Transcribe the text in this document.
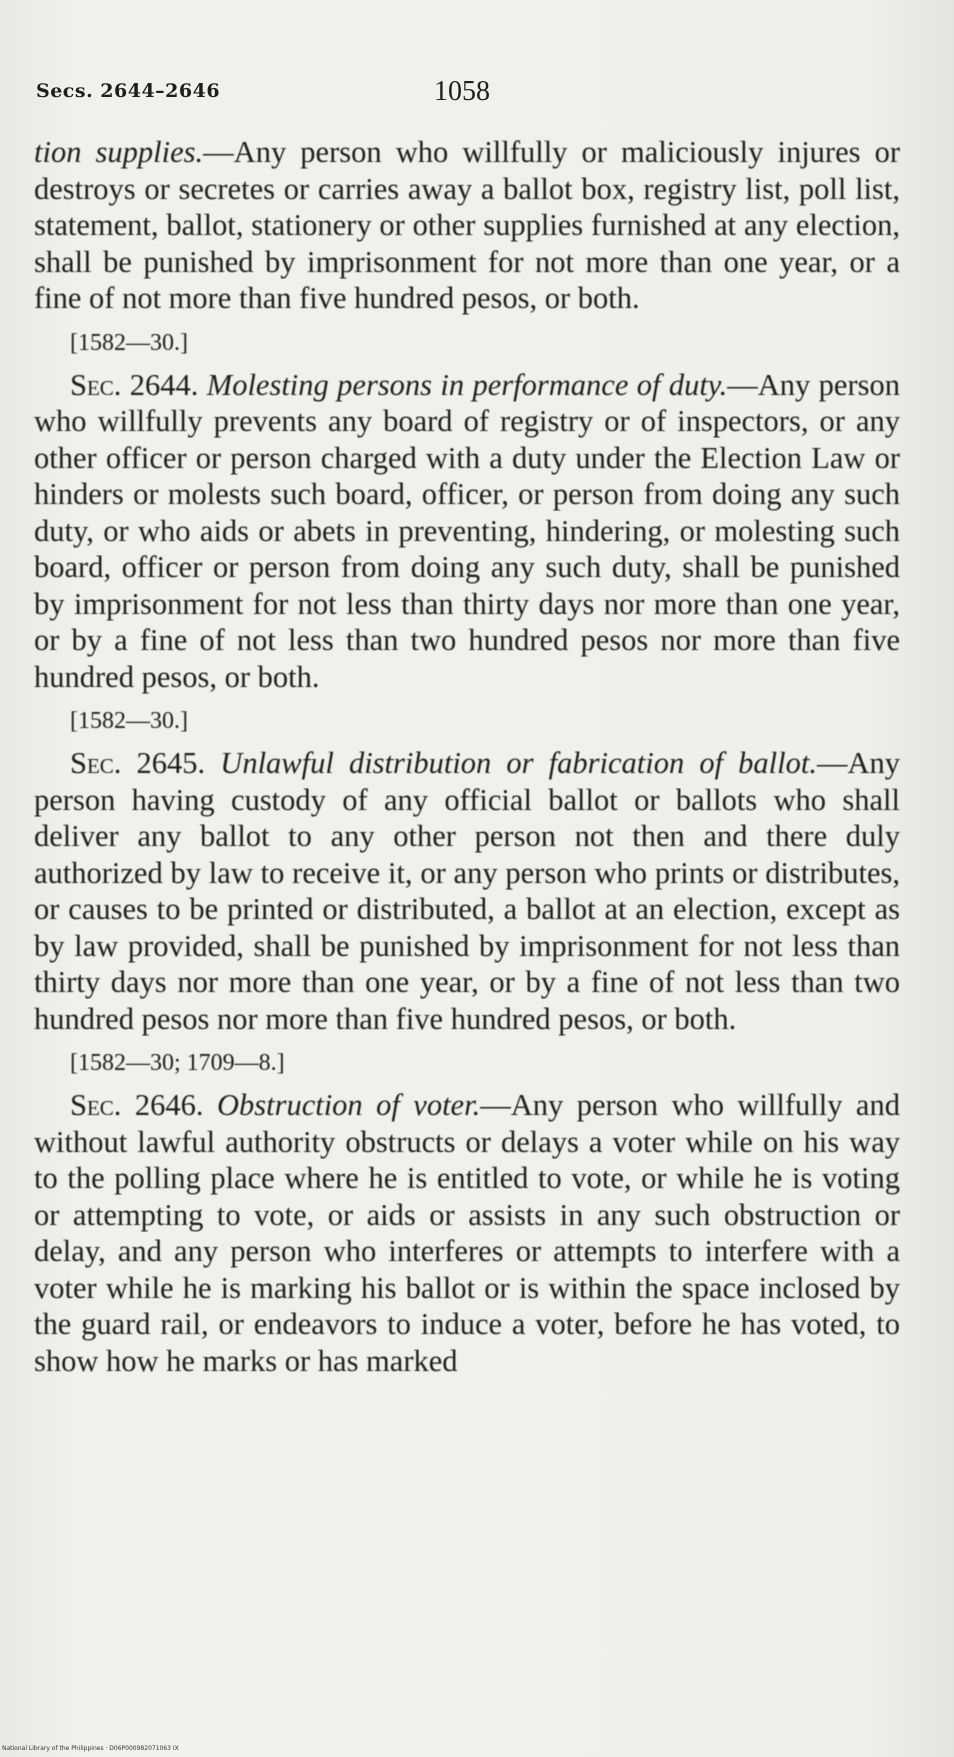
Secs. 2644–2646	1058

tion supplies.—Any person who willfully or maliciously injures or destroys or secretes or carries away a ballot box, registry list, poll list, statement, ballot, stationery or other supplies furnished at any election, shall be punished by imprisonment for not more than one year, or a fine of not more than five hundred pesos, or both.

[1582—30.]

Sec. 2644. Molesting persons in performance of duty.—Any person who willfully prevents any board of registry or of inspectors, or any other officer or person charged with a duty under the Election Law or hinders or molests such board, officer, or person from doing any such duty, or who aids or abets in preventing, hindering, or molesting such board, officer or person from doing any such duty, shall be punished by imprisonment for not less than thirty days nor more than one year, or by a fine of not less than two hundred pesos nor more than five hundred pesos, or both.

[1582—30.]

Sec. 2645. Unlawful distribution or fabrication of ballot.—Any person having custody of any official ballot or ballots who shall deliver any ballot to any other person not then and there duly authorized by law to receive it, or any person who prints or distributes, or causes to be printed or distributed, a ballot at an election, except as by law provided, shall be punished by imprisonment for not less than thirty days nor more than one year, or by a fine of not less than two hundred pesos nor more than five hundred pesos, or both.

[1582—30; 1709—8.]

Sec. 2646. Obstruction of voter.—Any person who willfully and without lawful authority obstructs or delays a voter while on his way to the polling place where he is entitled to vote, or while he is voting or attempting to vote, or aids or assists in any such obstruction or delay, and any person who interferes or attempts to interfere with a voter while he is marking his ballot or is within the space inclosed by the guard rail, or endeavors to induce a voter, before he has voted, to show how he marks or has marked

National Library of the Philippines · D06P000982071063 IX
